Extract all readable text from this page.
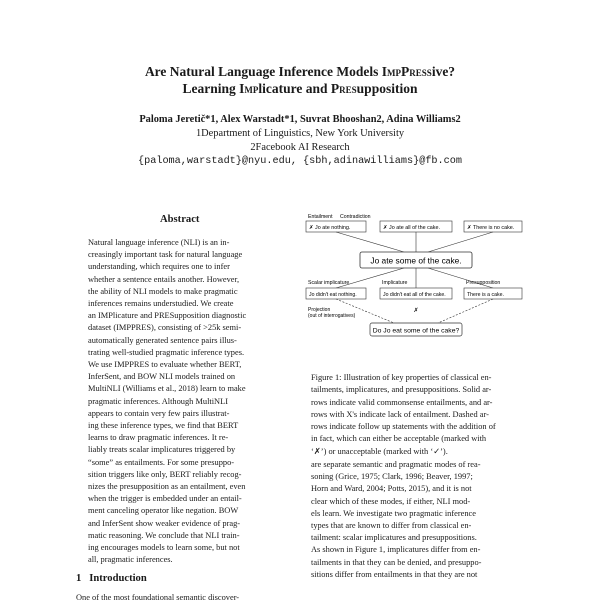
Are Natural Language Inference Models ImpPressive?
Learning Implicature and Presupposition
Paloma Jeretič*1, Alex Warstadt*1, Suvrat Bhooshan2, Adina Williams2
1Department of Linguistics, New York University
2Facebook AI Research
{paloma,warstadt}@nyu.edu, {sbh,adinawilliams}@fb.com
Abstract
Natural language inference (NLI) is an in-
creasingly important task for natural language
understanding, which requires one to infer
whether a sentence entails another. However,
the ability of NLI models to make pragmatic
inferences remains understudied. We create
an IMPlicature and PRESupposition diagnostic
dataset (IMPPRES), consisting of >25k semi-
automatically generated sentence pairs illus-
trating well-studied pragmatic inference types.
We use IMPPRES to evaluate whether BERT,
InferSent, and BOW NLI models trained on
MultiNLI (Williams et al., 2018) learn to make
pragmatic inferences. Although MultiNLI
appears to contain very few pairs illustrat-
ing these inference types, we find that BERT
learns to draw pragmatic inferences. It re-
liably treats scalar implicatures triggered by
“some” as entailments. For some presuppo-
sition triggers like only, BERT reliably recog-
nizes the presupposition as an entailment, even
when the trigger is embedded under an entail-
ment canceling operator like negation. BOW
and InferSent show weaker evidence of prag-
matic reasoning. We conclude that NLI train-
ing encourages models to learn some, but not
all, pragmatic inferences.
1 Introduction
One of the most foundational semantic discover-
Entailment Contradiction
✗ Jo ate nothing.	✗ Jo ate all of the cake.	✗ There is no cake.
Jo ate some of the cake.
Scalar implicature	Implicature	Presupposition
Jo didn't eat nothing.	Jo didn't eat all of the cake.	There is a cake.
✗
Projection
(out of interrogatives)
Do Jo eat some of the cake?
Figure 1: Illustration of key properties of classical en-
tailments, implicatures, and presuppositions. Solid ar-
rows indicate valid commonsense entailments, and ar-
rows with X's indicate lack of entailment. Dashed ar-
rows indicate follow up statements with the addition of
in fact, which can either be acceptable (marked with
‘✗’) or unacceptable (marked with ‘✓’).
are separate semantic and pragmatic modes of rea-
soning (Grice, 1975; Clark, 1996; Beaver, 1997;
Horn and Ward, 2004; Potts, 2015), and it is not
clear which of these modes, if either, NLI mod-
els learn. We investigate two pragmatic inference
types that are known to differ from classical en-
tailment: scalar implicatures and presuppositions.
As shown in Figure 1, implicatures differ from en-
tailments in that they can be denied, and presuppo-
sitions differ from entailments in that they are not
